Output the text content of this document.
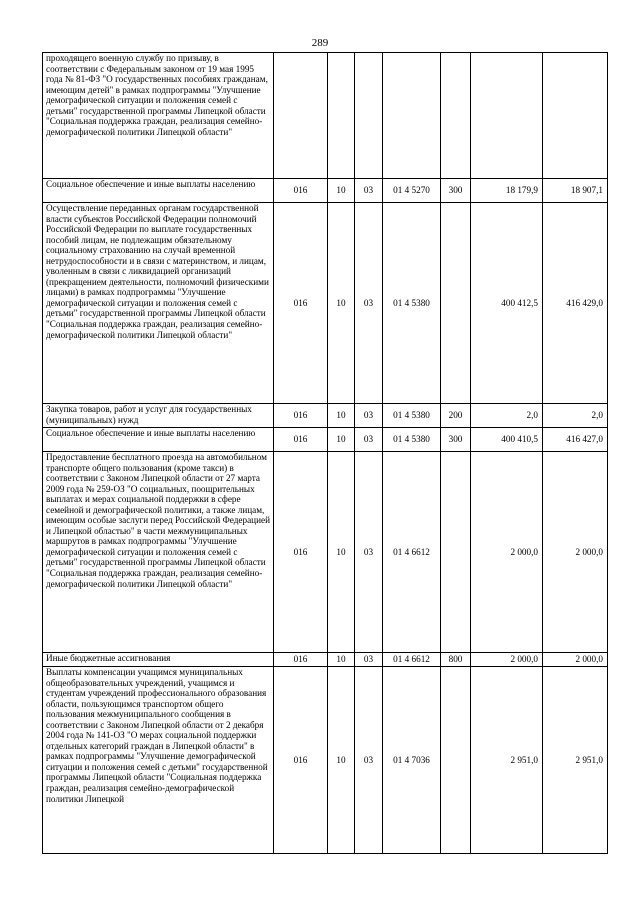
289
проходящего военную службу по призыву, в соответствии с Федеральным законом от 19 мая 1995 года № 81-ФЗ "О государственных пособиях гражданам, имеющим детей" в рамках подпрограммы "Улучшение демографической ситуации и положения семей с детьми" государственной программы Липецкой области "Социальная поддержка граждан, реализация семейно-демографической политики Липецкой области"							
Социальное обеспечение и иные выплаты населению	016	10	03	01 4 5270	300	18 179,9	18 907,1
Осуществление переданных органам государственной власти субъектов Российской Федерации полномочий Российской Федерации по выплате государственных пособий лицам, не подлежащим обязательному социальному страхованию на случай временной нетрудоспособности и в связи с материнством, и лицам, уволенным в связи с ликвидацией организаций (прекращением деятельности, полномочий физическими лицами) в рамках подпрограммы "Улучшение демографической ситуации и положения семей с детьми" государственной программы Липецкой области "Социальная поддержка граждан, реализация семейно-демографической политики Липецкой области"	016	10	03	01 4 5380		400 412,5	416 429,0
Закупка товаров, работ и услуг для государственных (муниципальных) нужд	016	10	03	01 4 5380	200	2,0	2,0
Социальное обеспечение и иные выплаты населению	016	10	03	01 4 5380	300	400 410,5	416 427,0
Предоставление бесплатного проезда на автомобильном транспорте общего пользования (кроме такси) в соответствии с Законом Липецкой области от 27 марта 2009 года № 259-ОЗ "О социальных, поощрительных выплатах и мерах социальной поддержки в сфере семейной и демографической политики, а также лицам, имеющим особые заслуги перед Российской Федерацией и Липецкой областью" в части межмуниципальных маршрутов в рамках подпрограммы "Улучшение демографической ситуации и положения семей с детьми" государственной программы Липецкой области "Социальная поддержка граждан, реализация семейно-демографической политики Липецкой области"	016	10	03	01 4 6612		2 000,0	2 000,0
Иные бюджетные ассигнования	016	10	03	01 4 6612	800	2 000,0	2 000,0
Выплаты компенсации учащимся муниципальных общеобразовательных учреждений, учащимся и студентам учреждений профессионального образования области, пользующимся транспортом общего пользования межмуниципального сообщения в соответствии с Законом Липецкой области от 2 декабря 2004 года № 141-ОЗ "О мерах социальной поддержки отдельных категорий граждан в Липецкой области" в рамках подпрограммы "Улучшение демографической ситуации и положения семей с детьми" государственной программы Липецкой области "Социальная поддержка граждан, реализация семейно-демографической политики Липецкой	016	10	03	01 4 7036		2 951,0	2 951,0
